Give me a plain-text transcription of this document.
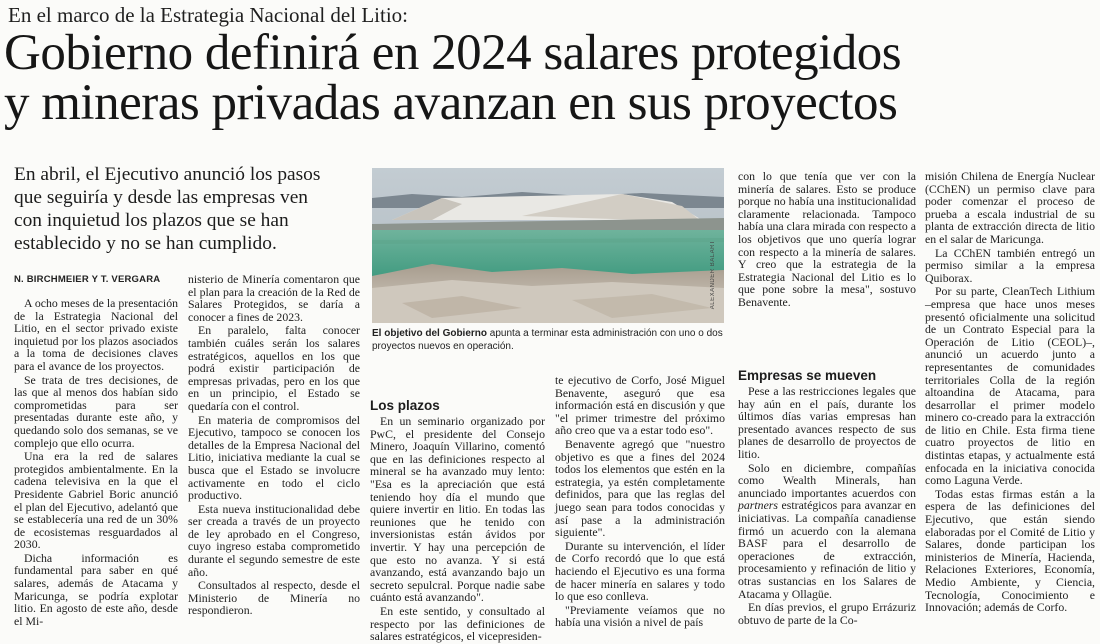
En el marco de la Estrategia Nacional del Litio:
Gobierno definirá en 2024 salares protegidos
y mineras privadas avanzan en sus proyectos
En abril, el Ejecutivo anunció los pasos
que seguiría y desde las empresas ven
con inquietud los plazos que se han
establecido y no se han cumplido.
N. BIRCHMEIER Y T. VERGARA

A ocho meses de la presentación de la Estrategia Nacional del Litio, en el sector privado existe inquietud por los plazos asociados a la toma de decisiones claves para el avance de los proyectos.

Se trata de tres decisiones, de las que al menos dos habían sido comprometidas para ser presentadas durante este año, y quedando solo dos semanas, se ve complejo que ello ocurra.

Una era la red de salares protegidos ambientalmente. En la cadena televisiva en la que el Presidente Gabriel Boric anunció el plan del Ejecutivo, adelantó que se establecería una red de un 30% de ecosistemas resguardados al 2030.

Dicha información es fundamental para saber en qué salares, además de Atacama y Maricunga, se podría explotar litio. En agosto de este año, desde el Mi-

nisterio de Minería comentaron que el plan para la creación de la Red de Salares Protegidos, se daría a conocer a fines de 2023.

En paralelo, falta conocer también cuáles serán los salares estratégicos, aquellos en los que podrá existir participación de empresas privadas, pero en los que en un principio, el Estado se quedaría con el control.

En materia de compromisos del Ejecutivo, tampoco se conocen los detalles de la Empresa Nacional del Litio, iniciativa mediante la cual se busca que el Estado se involucre activamente en todo el ciclo productivo.

Esta nueva institucionalidad debe ser creada a través de un proyecto de ley aprobado en el Congreso, cuyo ingreso estaba comprometido durante el segundo semestre de este año.

Consultados al respecto, desde el Ministerio de Minería no respondieron.

ALEXANDER BALART
El objetivo del Gobierno apunta a terminar esta administración con uno o dos proyectos nuevos en operación.

Los plazos

En un seminario organizado por PwC, el presidente del Consejo Minero, Joaquín Villarino, comentó que en las definiciones respecto al mineral se ha avanzado muy lento: "Esa es la apreciación que está teniendo hoy día el mundo que quiere invertir en litio. En todas las reuniones que he tenido con inversionistas están ávidos por invertir. Y hay una percepción de que esto no avanza. Y si está avanzando, está avanzando bajo un secreto sepulcral. Porque nadie sabe cuánto está avanzando".

En este sentido, y consultado al respecto por las definiciones de salares estratégicos, el vicepresiden-

te ejecutivo de Corfo, José Miguel Benavente, aseguró que esa información está en discusión y que "el primer trimestre del próximo año creo que va a estar todo eso".

Benavente agregó que "nuestro objetivo es que a fines del 2024 todos los elementos que estén en la estrategia, ya estén completamente definidos, para que las reglas del juego sean para todos conocidas y así pase a la administración siguiente".

Durante su intervención, el líder de Corfo recordó que lo que está haciendo el Ejecutivo es una forma de hacer minería en salares y todo lo que eso conlleva.

"Previamente veíamos que no había una visión a nivel de país

con lo que tenía que ver con la minería de salares. Esto se produce porque no había una institucionalidad claramente relacionada. Tampoco había una clara mirada con respecto a los objetivos que uno quería lograr con respecto a la minería de salares. Y creo que la estrategia de la Estrategia Nacional del Litio es lo que pone sobre la mesa", sostuvo Benavente.

Empresas se mueven

Pese a las restricciones legales que hay aún en el país, durante los últimos días varias empresas han presentado avances respecto de sus planes de desarrollo de proyectos de litio.

Solo en diciembre, compañías como Wealth Minerals, han anunciado importantes acuerdos con partners estratégicos para avanzar en iniciativas. La compañía canadiense firmó un acuerdo con la alemana BASF para el desarrollo de operaciones de extracción, procesamiento y refinación de litio y otras sustancias en los Salares de Atacama y Ollagüe.

En días previos, el grupo Errázuriz obtuvo de parte de la Co-

misión Chilena de Energía Nuclear (CChEN) un permiso clave para poder comenzar el proceso de prueba a escala industrial de su planta de extracción directa de litio en el salar de Maricunga.

La CChEN también entregó un permiso similar a la empresa Quiborax.

Por su parte, CleanTech Lithium –empresa que hace unos meses presentó oficialmente una solicitud de un Contrato Especial para la Operación de Litio (CEOL)–, anunció un acuerdo junto a representantes de comunidades territoriales Colla de la región altoandina de Atacama, para desarrollar el primer modelo minero co-creado para la extracción de litio en Chile. Esta firma tiene cuatro proyectos de litio en distintas etapas, y actualmente está enfocada en la iniciativa conocida como Laguna Verde.

Todas estas firmas están a la espera de las definiciones del Ejecutivo, que están siendo elaboradas por el Comité de Litio y Salares, donde participan los ministerios de Minería, Hacienda, Relaciones Exteriores, Economía, Medio Ambiente, y Ciencia, Tecnología, Conocimiento e Innovación; además de Corfo.
